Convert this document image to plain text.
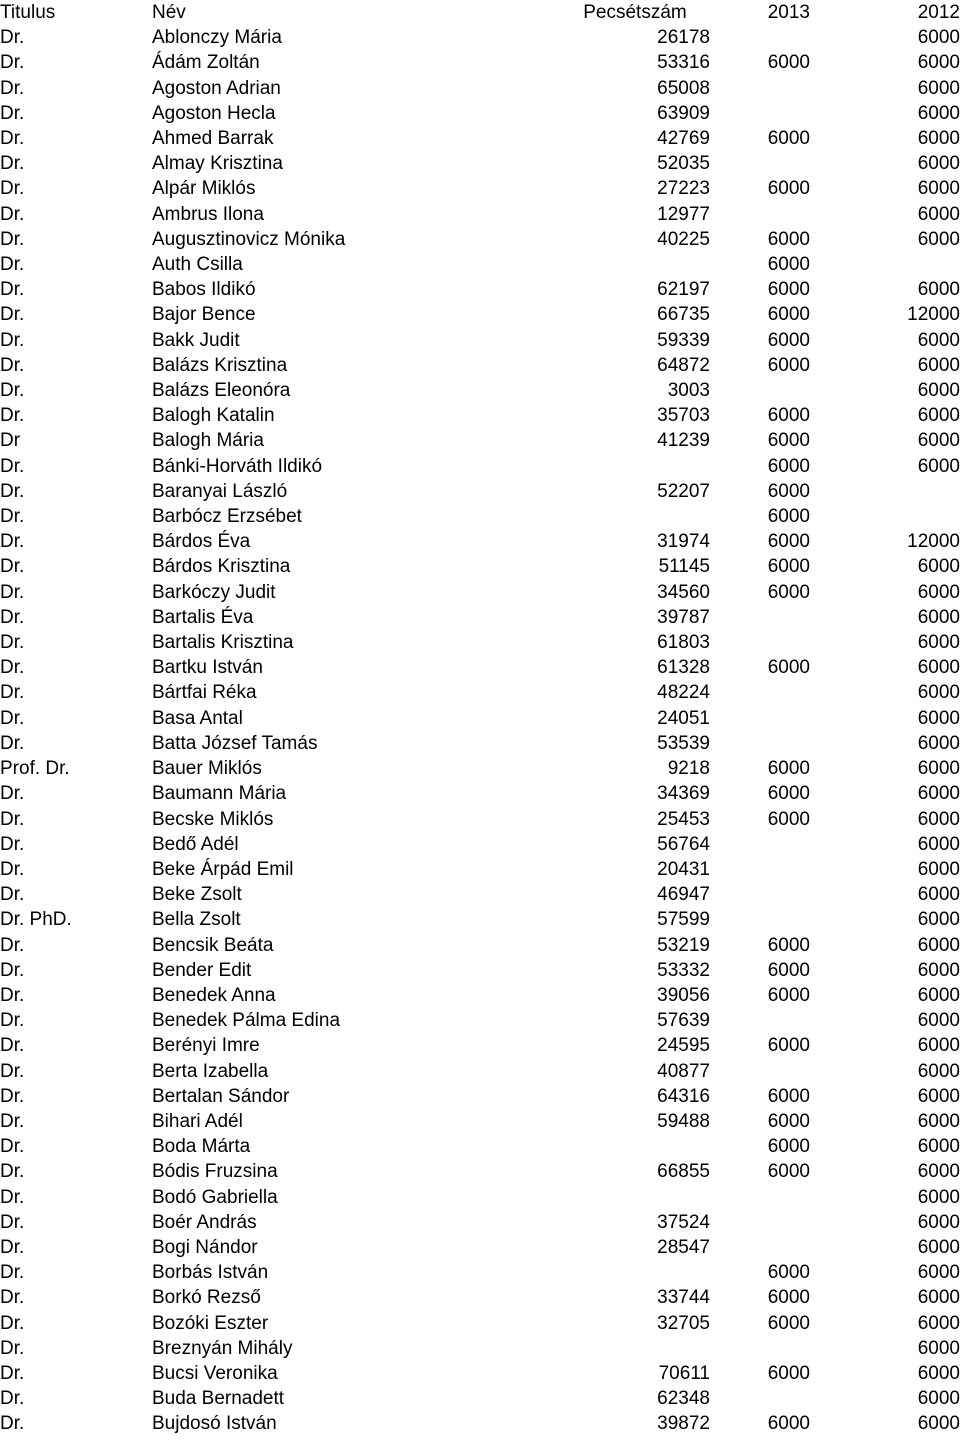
Titulus	Név	Pecsétszám	2013	2012
Dr.	Ablonczy Mária	26178		6000
Dr.	Ádám Zoltán	53316	6000	6000
Dr.	Agoston Adrian	65008		6000
Dr.	Agoston Hecla	63909		6000
Dr.	Ahmed Barrak	42769	6000	6000
Dr.	Almay Krisztina	52035		6000
Dr.	Alpár Miklós	27223	6000	6000
Dr.	Ambrus Ilona	12977		6000
Dr.	Augusztinovicz Mónika	40225	6000	6000
Dr.	Auth Csilla		6000	
Dr.	Babos Ildikó	62197	6000	6000
Dr.	Bajor Bence	66735	6000	12000
Dr.	Bakk Judit	59339	6000	6000
Dr.	Balázs Krisztina	64872	6000	6000
Dr.	Balázs Eleonóra	3003		6000
Dr.	Balogh Katalin	35703	6000	6000
Dr	Balogh Mária	41239	6000	6000
Dr.	Bánki-Horváth Ildikó		6000	6000
Dr.	Baranyai László	52207	6000	
Dr.	Barbócz Erzsébet		6000	
Dr.	Bárdos Éva	31974	6000	12000
Dr.	Bárdos Krisztina	51145	6000	6000
Dr.	Barkóczy Judit	34560	6000	6000
Dr.	Bartalis Éva	39787		6000
Dr.	Bartalis Krisztina	61803		6000
Dr.	Bartku István	61328	6000	6000
Dr.	Bártfai Réka	48224		6000
Dr.	Basa Antal	24051		6000
Dr.	Batta József Tamás	53539		6000
Prof. Dr.	Bauer Miklós	9218	6000	6000
Dr.	Baumann Mária	34369	6000	6000
Dr.	Becske Miklós	25453	6000	6000
Dr.	Bedő Adél	56764		6000
Dr.	Beke Árpád Emil	20431		6000
Dr.	Beke Zsolt	46947		6000
Dr. PhD.	Bella Zsolt	57599		6000
Dr.	Bencsik Beáta	53219	6000	6000
Dr.	Bender Edit	53332	6000	6000
Dr.	Benedek Anna	39056	6000	6000
Dr.	Benedek Pálma Edina	57639		6000
Dr.	Berényi Imre	24595	6000	6000
Dr.	Berta Izabella	40877		6000
Dr.	Bertalan Sándor	64316	6000	6000
Dr.	Bihari Adél	59488	6000	6000
Dr.	Boda Márta		6000	6000
Dr.	Bódis Fruzsina	66855	6000	6000
Dr.	Bodó Gabriella			6000
Dr.	Boér András	37524		6000
Dr.	Bogi Nándor	28547		6000
Dr.	Borbás István		6000	6000
Dr.	Borkó Rezső	33744	6000	6000
Dr.	Bozóki Eszter	32705	6000	6000
Dr.	Breznyán Mihály			6000
Dr.	Bucsi Veronika	70611	6000	6000
Dr.	Buda Bernadett	62348		6000
Dr.	Bujdosó István	39872	6000	6000
